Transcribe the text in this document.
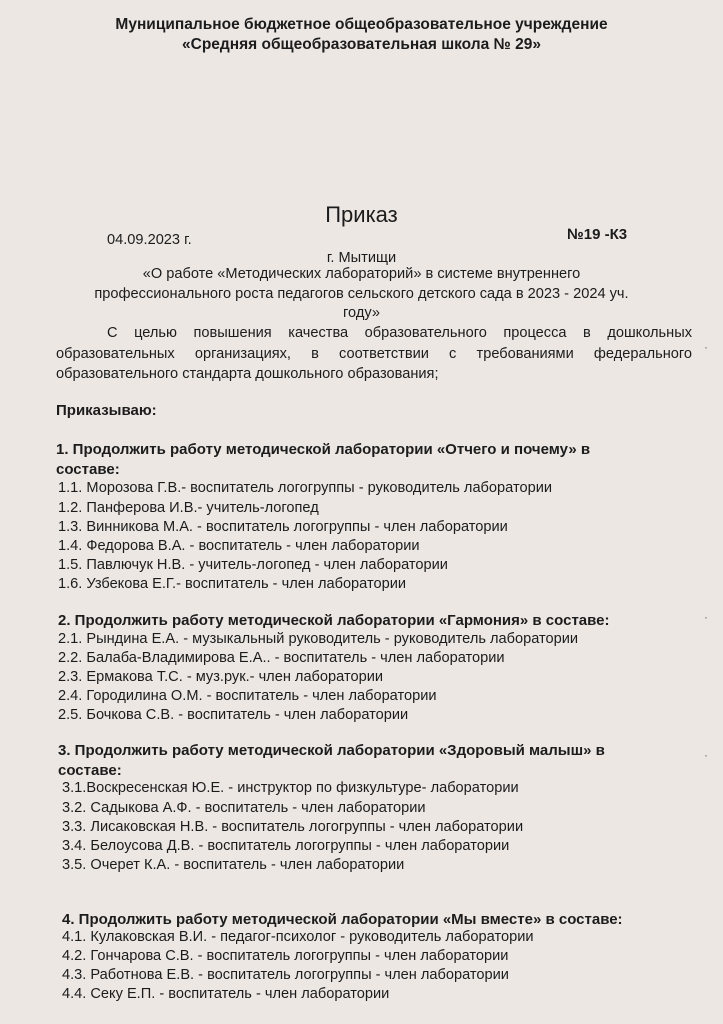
Муниципальное бюджетное общеобразовательное учреждение
«Средняя общеобразовательная школа № 29»
Приказ
04.09.2023 г.	№19 -К3
г. Мытищи
«О работе «Методических лабораторий» в системе внутреннего
профессионального роста педагогов сельского детского сада в 2023 - 2024 уч.
году»
С целью повышения качества образовательного процесса в дошкольных
образовательных организациях, в соответствии с требованиями федерального
образовательного стандарта дошкольного образования;
Приказываю:
1. Продолжить работу методической лаборатории «Отчего и почему» в
составе:
1.1. Морозова Г.В.- воспитатель логогруппы - руководитель лаборатории
1.2. Панферова И.В.- учитель-логопед
1.3. Винникова М.А. - воспитатель логогруппы - член лаборатории
1.4. Федорова В.А. - воспитатель - член лаборатории
1.5. Павлючук Н.В. - учитель-логопед - член лаборатории
1.6. Узбекова Е.Г.- воспитатель - член лаборатории
2. Продолжить работу методической лаборатории «Гармония» в составе:
2.1. Рындина Е.А. - музыкальный руководитель - руководитель лаборатории
2.2. Балаба-Владимирова Е.А.. - воспитатель - член лаборатории
2.3. Ермакова Т.С. - муз.рук.- член лаборатории
2.4. Городилина О.М. - воспитатель - член лаборатории
2.5. Бочкова С.В. - воспитатель - член лаборатории
3. Продолжить работу методической лаборатории «Здоровый малыш» в
составе:
3.1.Воскресенская Ю.Е. - инструктор по физкультуре- лаборатории
3.2. Садыкова А.Ф. - воспитатель - член лаборатории
3.3. Лисаковская Н.В. - воспитатель логогруппы - член лаборатории
3.4. Белоусова Д.В. - воспитатель логогруппы - член лаборатории
3.5. Очерет К.А. - воспитатель - член лаборатории
4. Продолжить работу методической лаборатории «Мы вместе» в составе:
4.1. Кулаковская В.И. - педагог-психолог - руководитель лаборатории
4.2. Гончарова С.В. - воспитатель логогруппы - член лаборатории
4.3. Работнова Е.В. - воспитатель логогруппы - член лаборатории
4.4. Секу Е.П. - воспитатель - член лаборатории
·
·
·
